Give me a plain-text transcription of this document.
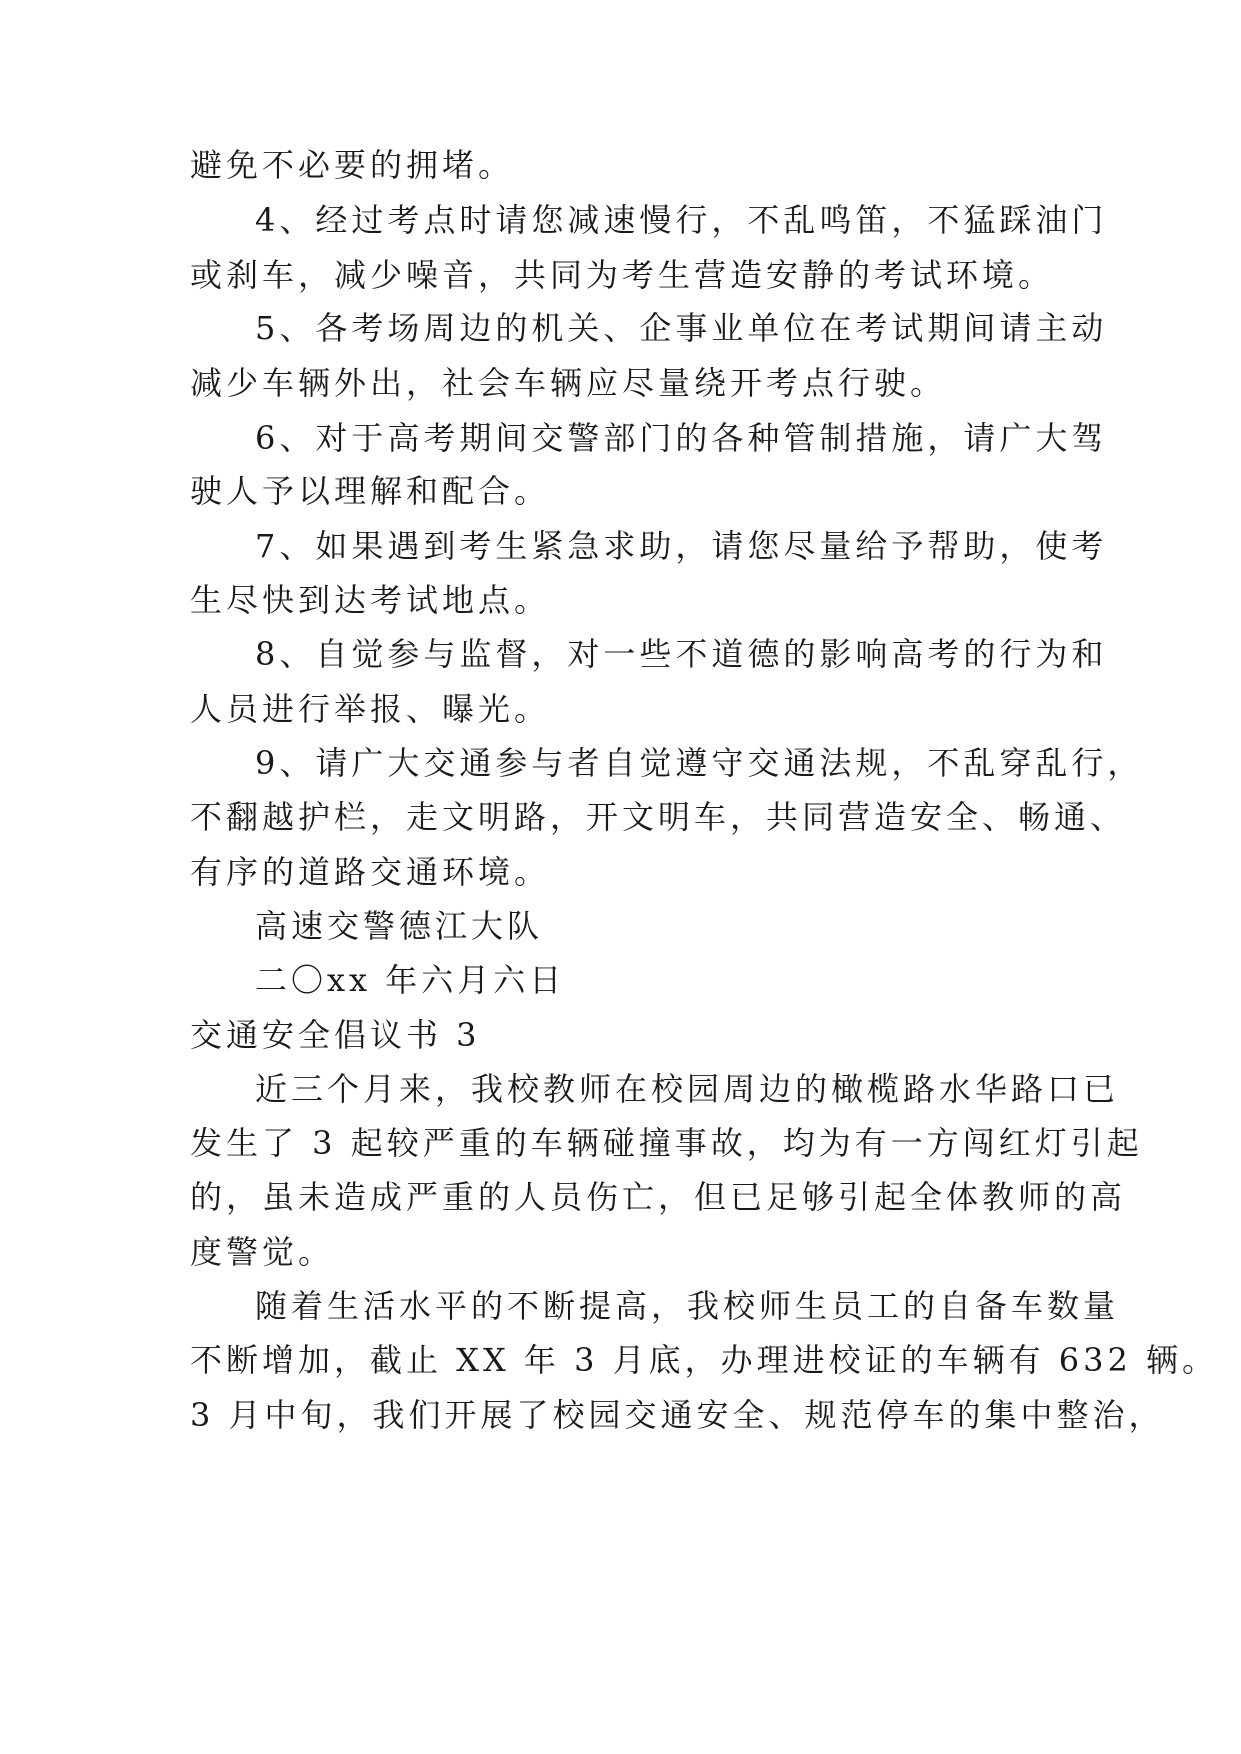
避免不必要的拥堵。
4、经过考点时请您减速慢行，不乱鸣笛，不猛踩油门
或刹车，减少噪音，共同为考生营造安静的考试环境。
5、各考场周边的机关、企事业单位在考试期间请主动
减少车辆外出，社会车辆应尽量绕开考点行驶。
6、对于高考期间交警部门的各种管制措施，请广大驾
驶人予以理解和配合。
7、如果遇到考生紧急求助，请您尽量给予帮助，使考
生尽快到达考试地点。
8、自觉参与监督，对一些不道德的影响高考的行为和
人员进行举报、曝光。
9、请广大交通参与者自觉遵守交通法规，不乱穿乱行，
不翻越护栏，走文明路，开文明车，共同营造安全、畅通、
有序的道路交通环境。
高速交警德江大队
二〇xx 年六月六日
交通安全倡议书 3
近三个月来，我校教师在校园周边的橄榄路水华路口已
发生了 3 起较严重的车辆碰撞事故，均为有一方闯红灯引起
的，虽未造成严重的人员伤亡，但已足够引起全体教师的高
度警觉。
随着生活水平的不断提高，我校师生员工的自备车数量
不断增加，截止 XX 年 3 月底，办理进校证的车辆有 632 辆。
3 月中旬，我们开展了校园交通安全、规范停车的集中整治，
